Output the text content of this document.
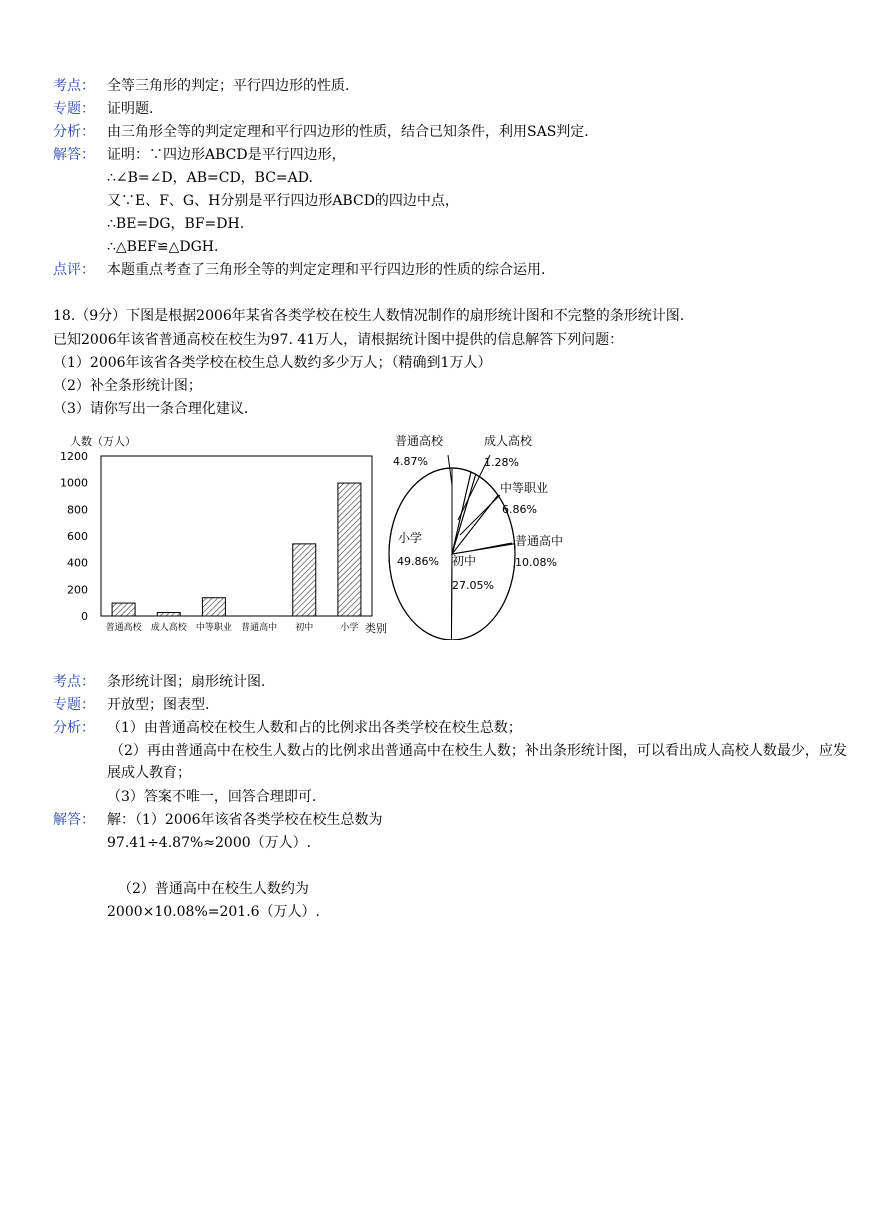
考点： 全等三角形的判定；平行四边形的性质.
专题： 证明题.
分析： 由三角形全等的判定定理和平行四边形的性质，结合已知条件，利用SAS判定.
解答： 证明：∵四边形ABCD是平行四边形，
∴∠B=∠D，AB=CD，BC=AD.
又∵E、F、G、H分别是平行四边形ABCD的四边中点，
∴BE=DG，BF=DH.
∴△BEF≌△DGH.
点评： 本题重点考查了三角形全等的判定定理和平行四边形的性质的综合运用.
18.（9分）下图是根据2006年某省各类学校在校生人数情况制作的扇形统计图和不完整的条形统计图.
已知2006年该省普通高校在校生为97. 41万人，请根据统计图中提供的信息解答下列问题：
（1）2006年该省各类学校在校生总人数约多少万人；（精确到1万人）
（2）补全条形统计图；
（3）请你写出一条合理化建议.
人数（万人）
0
200
400
600
800
1000
1200
普通高校 成人高校 中等职业 普通高中 初中	小学 类别
普通高校
4.87%
成人高校
1.28%
中等职业
6.86%
普通高中
10.08%
初中
27.05%
小学
49.86%
考点： 条形统计图；扇形统计图.
专题： 开放型；图表型.
分析： （1）由普通高校在校生人数和占的比例求出各类学校在校生总数；
（2）再由普通高中在校生人数占的比例求出普通高中在校生人数；补出条形统计图，可以看出成人高校人数最少，应发展成人教育；
（3）答案不唯一，回答合理即可.
解答： 解：（1）2006年该省各类学校在校生总数为
97.41÷4.87%≈2000（万人）.
（2）普通高中在校生人数约为
2000×10.08%=201.6（万人）.
